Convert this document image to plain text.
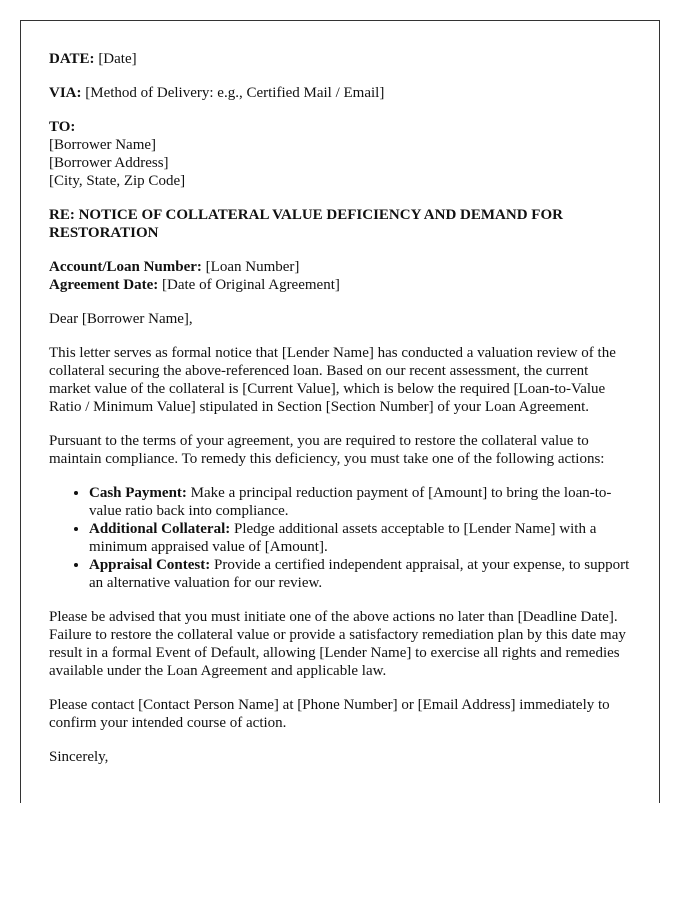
DATE: [Date]

VIA: [Method of Delivery: e.g., Certified Mail / Email]

TO:
[Borrower Name]
[Borrower Address]
[City, State, Zip Code]

RE: NOTICE OF COLLATERAL VALUE DEFICIENCY AND DEMAND FOR RESTORATION

Account/Loan Number: [Loan Number]
Agreement Date: [Date of Original Agreement]

Dear [Borrower Name],

This letter serves as formal notice that [Lender Name] has conducted a valuation review of the collateral securing the above-referenced loan. Based on our recent assessment, the current market value of the collateral is [Current Value], which is below the required [Loan-to-Value Ratio / Minimum Value] stipulated in Section [Section Number] of your Loan Agreement.

Pursuant to the terms of your agreement, you are required to restore the collateral value to maintain compliance. To remedy this deficiency, you must take one of the following actions:

• Cash Payment: Make a principal reduction payment of [Amount] to bring the loan-to-value ratio back into compliance.
• Additional Collateral: Pledge additional assets acceptable to [Lender Name] with a minimum appraised value of [Amount].
• Appraisal Contest: Provide a certified independent appraisal, at your expense, to support an alternative valuation for our review.

Please be advised that you must initiate one of the above actions no later than [Deadline Date]. Failure to restore the collateral value or provide a satisfactory remediation plan by this date may result in a formal Event of Default, allowing [Lender Name] to exercise all rights and remedies available under the Loan Agreement and applicable law.

Please contact [Contact Person Name] at [Phone Number] or [Email Address] immediately to confirm your intended course of action.

Sincerely,
